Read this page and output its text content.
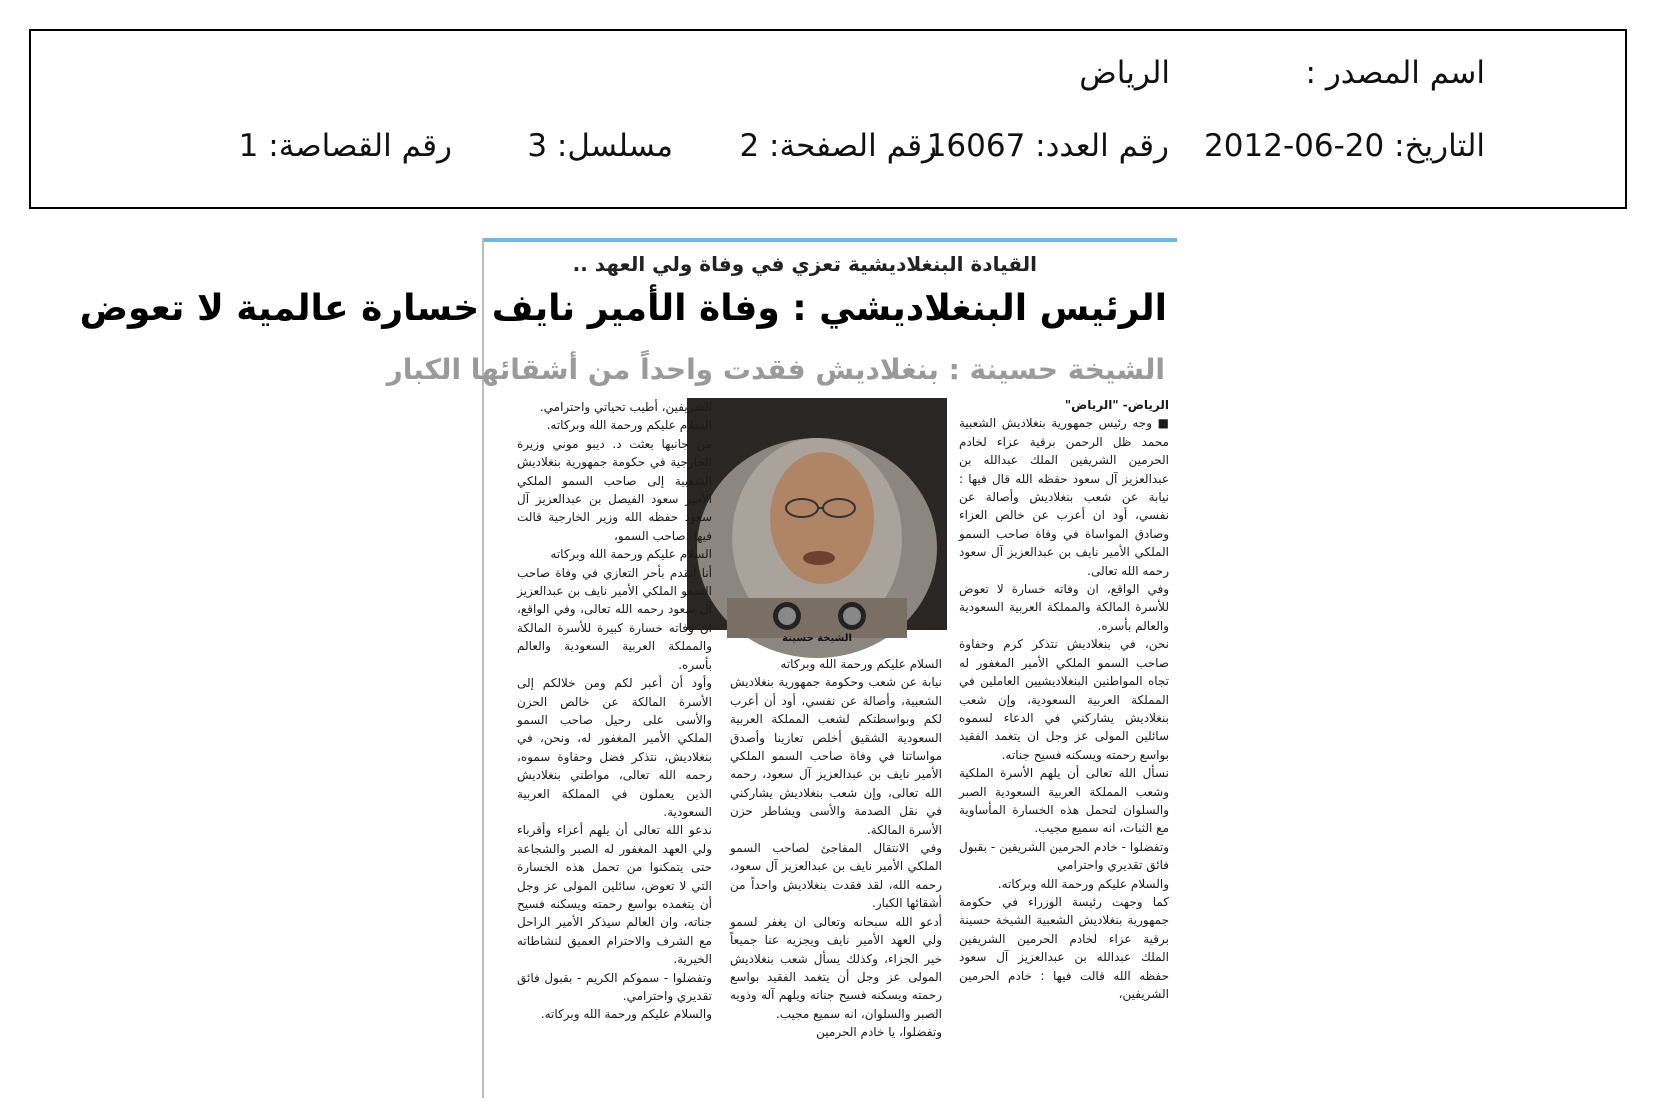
اسم المصدر :
الرياض
التاريخ: 20-06-2012
رقم العدد: 16067
رقم الصفحة: 2
مسلسل: 3
رقم القصاصة: 1
القيادة البنغلاديشية تعزي في وفاة ولي العهد ..
الرئيس البنغلاديشي : وفاة الأمير نايف خسارة عالمية لا تعوض
الشيخة حسينة : بنغلاديش فقدت واحداً من أشقائها الكبار

الرياض- "الرياض"

■ وجه رئيس جمهورية بنغلاديش الشعبية محمد ظل الرحمن برقية عزاء لخادم الحرمين الشريفين الملك عبدالله بن عبدالعزيز آل سعود حفظه الله قال فيها : نيابة عن شعب بنغلاديش وأصالة عن نفسي، أود ان أعرب عن خالص العزاء وصادق المواساة في وفاة صاحب السمو الملكي الأمير نايف بن عبدالعزيز آل سعود رحمه الله تعالى.

وفي الواقع، ان وفاته خسارة لا تعوض للأسرة المالكة والمملكة العربية السعودية والعالم بأسره.

نحن، في بنغلاديش نتذكر كرم وحفاوة صاحب السمو الملكي الأمير المغفور له تجاه المواطنين البنغلاديشيين العاملين في المملكة العربية السعودية، وإن شعب بنغلاديش يشاركني في الدعاء لسموه سائلين المولى عز وجل ان يتغمد الفقيد بواسع رحمته ويسكنه فسيح جناته.

نسأل الله تعالى أن يلهم الأسرة الملكية وشعب المملكة العربية السعودية الصبر والسلوان لتحمل هذه الخسارة المأساوية مع الثبات، انه سميع مجيب.

وتفضلوا - خادم الحرمين الشريفين - بقبول فائق تقديري واحترامي

والسلام عليكم ورحمة الله وبركاته.

كما وجهت رئيسة الوزراء في حكومة جمهورية بنغلاديش الشعبية الشيخة حسينة برقية عزاء لخادم الحرمين الشريفين الملك عبدالله بن عبدالعزيز آل سعود حفظه الله قالت فيها : خادم الحرمين الشريفين،

الشيخة حسينة

السلام عليكم ورحمة الله وبركاته

نيابة عن شعب وحكومة جمهورية بنغلاديش الشعبية، وأصالة عن نفسي، أود أن أعرب لكم وبواسطتكم لشعب المملكة العربية السعودية الشقيق أخلص تعازينا وأصدق مواساتنا في وفاة صاحب السمو الملكي الأمير نايف بن عبدالعزيز آل سعود، رحمه الله تعالى، وإن شعب بنغلاديش يشاركني في نقل الصدمة والأسى ويشاطر حزن الأسرة المالكة.

وفي الانتقال المفاجئ لصاحب السمو الملكي الأمير نايف بن عبدالعزيز آل سعود، رحمه الله، لقد فقدت بنغلاديش واحداً من أشقائها الكبار.

أدعو الله سبحانه وتعالى ان يغفر لسمو ولي العهد الأمير نايف ويجزيه عنا جميعاً خير الجزاء، وكذلك يسأل شعب بنغلاديش المولى عز وجل أن يتغمد الفقيد بواسع رحمته ويسكنه فسيح جناته ويلهم آله وذويه الصبر والسلوان، انه سميع مجيب.

وتفضلوا، يا خادم الحرمين

الشريفين، أطيب تحياتي واحترامي.

السلام عليكم ورحمة الله وبركاته.

من جانبها بعثت د. ديبو موني وزيرة الخارجية في حكومة جمهورية بنغلاديش الشعبية إلى صاحب السمو الملكي الأمير سعود الفيصل بن عبدالعزيز آل سعود حفظه الله وزير الخارجية قالت فيها :صاحب السمو،

السلام عليكم ورحمة الله وبركاته

أنا أتقدم بأحر التعازي في وفاة صاحب السمو الملكي الأمير نايف بن عبدالعزيز آل سعود رحمه الله تعالى، وفي الواقع، ان وفاته خسارة كبيرة للأسرة المالكة والمملكة العربية السعودية والعالم بأسره.

وأود أن أعبر لكم ومن خلالكم إلى الأسرة المالكة عن خالص الحزن والأسى على رحيل صاحب السمو الملكي الأمير المغفور له، ونحن، في بنغلاديش، نتذكر فضل وحفاوة سموه، رحمه الله تعالى، مواطني بنغلاديش الذين يعملون في المملكة العربية السعودية.

ندعو الله تعالى أن يلهم أعزاء وأقرباء ولي العهد المغفور له الصبر والشجاعة حتى يتمكنوا من تحمل هذه الخسارة التي لا تعوض، سائلين المولى عز وجل أن يتغمده بواسع رحمته ويسكنه فسيح جناته، وان العالم سيذكر الأمير الراحل مع الشرف والاحترام العميق لنشاطاته الخيرية.

وتفضلوا - سموكم الكريم - بقبول فائق تقديري واحترامي.

والسلام عليكم ورحمة الله وبركاته.
